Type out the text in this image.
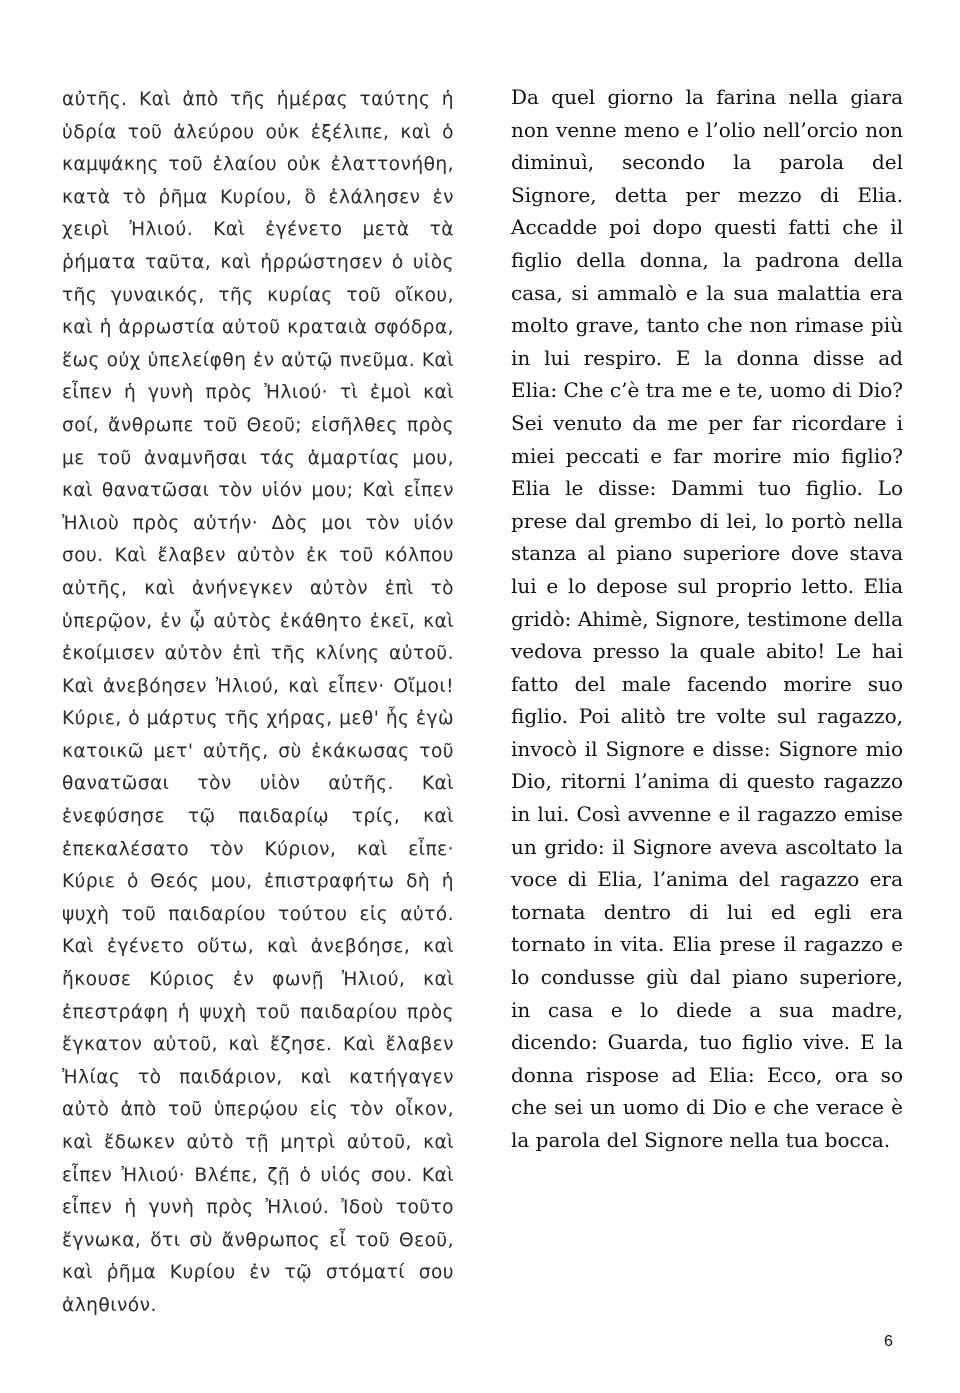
αὐτῆς. Καὶ ἀπὸ τῆς ἡμέρας ταύτης ἡ ὑδρία τοῦ ἀλεύρου οὐκ ἐξέλιπε, καὶ ὁ καμψάκης τοῦ ἐλαίου οὐκ ἐλαττονήθη, κατὰ τὸ ῥῆμα Κυρίου, ὃ ἐλάλησεν ἐν χειρὶ Ἠλιού. Καὶ ἐγένετο μετὰ τὰ ῥήματα ταῦτα, καὶ ἠρρώστησεν ὁ υἱὸς τῆς γυναικός, τῆς κυρίας τοῦ οἴκου, καὶ ἡ ἀρρωστία αὐτοῦ κραταιὰ σφόδρα, ἕως οὐχ ὑπελείφθη ἐν αὐτῷ πνεῦμα. Καὶ εἶπεν ἡ γυνὴ πρὸς Ἠλιού· τὶ ἐμοὶ καὶ σοί, ἄνθρωπε τοῦ Θεοῦ; εἰσῆλθες πρὸς με τοῦ ἀναμνῆσαι τάς ἁμαρτίας μου, καὶ θανατῶσαι τὸν υἱόν μου; Καὶ εἶπεν Ἠλιοὺ πρὸς αὐτήν· Δὸς μοι τὸν υἱόν σου. Καὶ ἔλαβεν αὐτὸν ἐκ τοῦ κόλπου αὐτῆς, καὶ ἀνήνεγκεν αὐτὸν ἐπὶ τὸ ὑπερῷον, ἐν ᾧ αὐτὸς ἐκάθητο ἐκεῖ, καὶ ἐκοίμισεν αὐτὸν ἐπὶ τῆς κλίνης αὐτοῦ. Καὶ ἀνεβόησεν Ἠλιού, καὶ εἶπεν· Οἴμοι! Κύριε, ὁ μάρτυς τῆς χήρας, μεθ' ἧς ἐγὼ κατοικῶ μετ' αὐτῆς, σὺ ἐκάκωσας τοῦ θανατῶσαι τὸν υἱὸν αὐτῆς. Καὶ ἐνεφύσησε τῷ παιδαρίῳ τρίς, καὶ ἐπεκαλέσατο τὸν Κύριον, καὶ εἶπε· Κύριε ὁ Θεός μου, ἐπιστραφήτω δὴ ἡ ψυχὴ τοῦ παιδαρίου τούτου εἰς αὐτό. Καὶ ἐγένετο οὕτω, καὶ ἀνεβόησε, καὶ ἤκουσε Κύριος ἐν φωνῇ Ἠλιού, καὶ ἐπεστράφη ἡ ψυχὴ τοῦ παιδαρίου πρὸς ἔγκατον αὐτοῦ, καὶ ἔζησε. Καὶ ἔλαβεν Ἠλίας τὸ παιδάριον, καὶ κατήγαγεν αὐτὸ ἀπὸ τοῦ ὑπερῴου εἰς τὸν οἶκον, καὶ ἔδωκεν αὐτὸ τῇ μητρὶ αὐτοῦ, καὶ εἶπεν Ἠλιού· Βλέπε, ζῇ ὁ υἱός σου. Καὶ εἶπεν ἡ γυνὴ πρὸς Ἠλιού. Ἰδοὺ τοῦτο ἔγνωκα, ὅτι σὺ ἄνθρωπος εἶ τοῦ Θεοῦ, καὶ ῥῆμα Κυρίου ἐν τῷ στόματί σου ἀληθινόν.

Da quel giorno la farina nella giara non venne meno e l’olio nell’orcio non diminuì, secondo la parola del Signore, detta per mezzo di Elia. Accadde poi dopo questi fatti che il figlio della donna, la padrona della casa, si ammalò e la sua malattia era molto grave, tanto che non rimase più in lui respiro. E la donna disse ad Elia: Che c’è tra me e te, uomo di Dio? Sei venuto da me per far ricordare i miei peccati e far morire mio figlio? Elia le disse: Dammi tuo figlio. Lo prese dal grembo di lei, lo portò nella stanza al piano superiore dove stava lui e lo depose sul proprio letto. Elia gridò: Ahimè, Signore, testimone della vedova presso la quale abito! Le hai fatto del male facendo morire suo figlio. Poi alitò tre volte sul ragazzo, invocò il Signore e disse: Signore mio Dio, ritorni l’anima di questo ragazzo in lui. Così avvenne e il ragazzo emise un grido: il Signore aveva ascoltato la voce di Elia, l’anima del ragazzo era tornata dentro di lui ed egli era tornato in vita. Elia prese il ragazzo e lo condusse giù dal piano superiore, in casa e lo diede a sua madre, dicendo: Guarda, tuo figlio vive. E la donna rispose ad Elia: Ecco, ora so che sei un uomo di Dio e che verace è la parola del Signore nella tua bocca.

6
